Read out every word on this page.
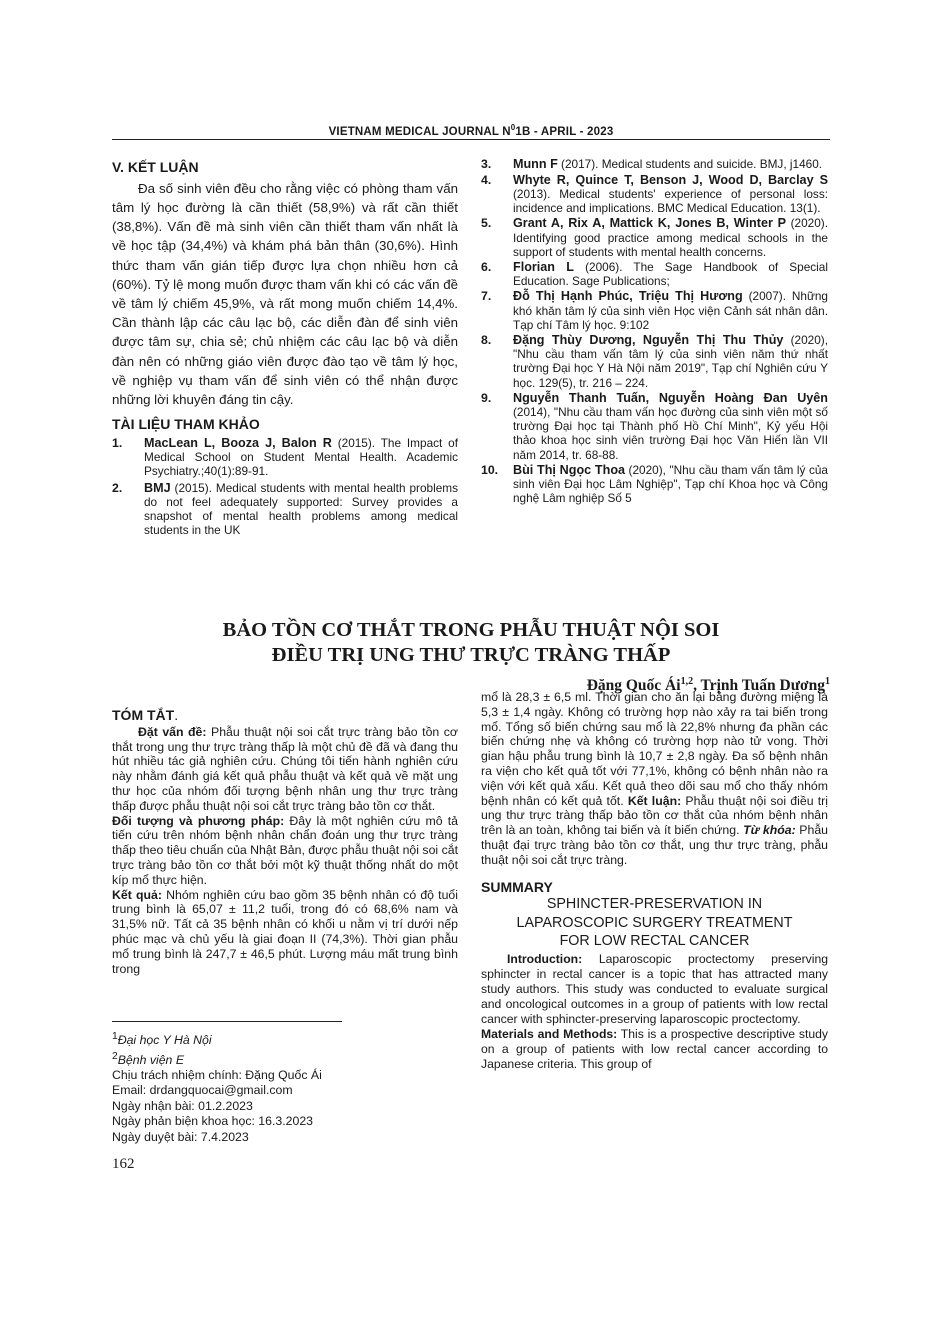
VIETNAM MEDICAL JOURNAL $N^01B$ - APRIL - 2023
V. KẾT LUẬN

Đa số sinh viên đều cho rằng việc có phòng tham vấn tâm lý học đường là cần thiết (58,9%) và rất cần thiết (38,8%). Vấn đề mà sinh viên cần thiết tham vấn nhất là về học tập (34,4%) và khám phá bản thân (30,6%). Hình thức tham vấn gián tiếp được lựa chọn nhiều hơn cả (60%). Tỷ lệ mong muốn được tham vấn khi có các vấn đề về tâm lý chiếm 45,9%, và rất mong muốn chiếm 14,4%. Cần thành lập các câu lạc bộ, các diễn đàn để sinh viên được tâm sự, chia sẻ; chủ nhiệm các câu lạc bộ và diễn đàn nên có những giáo viên được đào tạo về tâm lý học, về nghiệp vụ tham vấn để sinh viên có thể nhận được những lời khuyên đáng tin cậy.

TÀI LIỆU THAM KHẢO
1.	MacLean L, Booza J, Balon R (2015). The Impact of Medical School on Student Mental Health. Academic Psychiatry.;40(1):89-91.
2.	BMJ (2015). Medical students with mental health problems do not feel adequately supported: Survey provides a snapshot of mental health problems among medical students in the UK
3.	Munn F (2017). Medical students and suicide. BMJ, j1460.
4.	Whyte R, Quince T, Benson J, Wood D, Barclay S (2013). Medical students' experience of personal loss: incidence and implications. BMC Medical Education. 13(1).
5.	Grant A, Rix A, Mattick K, Jones B, Winter P (2020). Identifying good practice among medical schools in the support of students with mental health concerns.
6.	Florian L (2006). The Sage Handbook of Special Education. Sage Publications;
7.	Đỗ Thị Hạnh Phúc, Triệu Thị Hương (2007). Những khó khăn tâm lý của sinh viên Học viện Cảnh sát nhân dân. Tạp chí Tâm lý học. 9:102
8.	Đặng Thùy Dương, Nguyễn Thị Thu Thủy (2020), "Nhu cầu tham vấn tâm lý của sinh viên năm thứ nhất trường Đại học Y Hà Nội năm 2019", Tạp chí Nghiên cứu Y học. 129(5), tr. 216 – 224.
9.	Nguyễn Thanh Tuấn, Nguyễn Hoàng Đan Uyên (2014), "Nhu cầu tham vấn học đường của sinh viên một số trường Đại học tại Thành phố Hồ Chí Minh", Kỷ yếu Hội thảo khoa học sinh viên trường Đại học Văn Hiến lần VII năm 2014, tr. 68-88.
10.	Bùi Thị Ngọc Thoa (2020), "Nhu cầu tham vấn tâm lý của sinh viên Đại học Lâm Nghiệp", Tạp chí Khoa học và Công nghệ Lâm nghiệp Số 5
BẢO TỒN CƠ THẮT TRONG PHẪU THUẬT NỘI SOI
ĐIỀU TRỊ UNG THƯ TRỰC TRÀNG THẤP
Đặng Quốc Ái$^{1,2}$, Trịnh Tuấn Dương$^1$
TÓM TẮT.

Đặt vấn đề: Phẫu thuật nội soi cắt trực tràng bảo tồn cơ thắt trong ung thư trực tràng thấp là một chủ đề đã và đang thu hút nhiều tác giả nghiên cứu. Chúng tôi tiến hành nghiên cứu này nhằm đánh giá kết quả phẫu thuật và kết quả về mặt ung thư học của nhóm đối tượng bệnh nhân ung thư trực tràng thấp được phẫu thuật nội soi cắt trực tràng bảo tồn cơ thắt.

Đối tượng và phương pháp: Đây là một nghiên cứu mô tả tiến cứu trên nhóm bệnh nhân chẩn đoán ung thư trực tràng thấp theo tiêu chuẩn của Nhật Bản, được phẫu thuật nội soi cắt trực tràng bảo tồn cơ thắt bởi một kỹ thuật thống nhất do một kíp mổ thực hiện.

Kết quả: Nhóm nghiên cứu bao gồm 35 bệnh nhân có độ tuổi trung bình là 65,07 ± 11,2 tuổi, trong đó có 68,6% nam và 31,5% nữ. Tất cả 35 bệnh nhân có khối u nằm vị trí dưới nếp phúc mạc và chủ yếu là giai đoạn II (74,3%). Thời gian phẫu mổ trung bình là 247,7 ± 46,5 phút. Lượng máu mất trung bình trong

mổ là 28,3 ± 6,5 ml. Thời gian cho ăn lại bằng đường miệng là 5,3 ± 1,4 ngày. Không có trường hợp nào xảy ra tai biến trong mổ. Tổng số biến chứng sau mổ là 22,8% nhưng đa phần các biến chứng nhẹ và không có trường hợp nào tử vong. Thời gian hậu phẫu trung bình là 10,7 ± 2,8 ngày. Đa số bệnh nhân ra viện cho kết quả tốt với 77,1%, không có bệnh nhân nào ra viện với kết quả xấu. Kết quả theo dõi sau mổ cho thấy nhóm bệnh nhân có kết quả tốt. Kết luận: Phẫu thuật nội soi điều trị ung thư trực tràng thấp bảo tồn cơ thắt của nhóm bệnh nhân trên là an toàn, không tai biến và ít biến chứng. Từ khóa: Phẫu thuật đại trực tràng bảo tồn cơ thắt, ung thư trực tràng, phẫu thuật nội soi cắt trực tràng.

SUMMARY
SPHINCTER-PRESERVATION IN
LAPAROSCOPIC SURGERY TREATMENT
FOR LOW RECTAL CANCER

Introduction: Laparoscopic proctectomy preserving sphincter in rectal cancer is a topic that has attracted many study authors. This study was conducted to evaluate surgical and oncological outcomes in a group of patients with low rectal cancer with sphincter-preserving laparoscopic proctectomy.

Materials and Methods: This is a prospective descriptive study on a group of patients with low rectal cancer according to Japanese criteria. This group of

$^1$Đại học Y Hà Nội
$^2$Bệnh viện E
Chịu trách nhiệm chính: Đặng Quốc Ái
Email: drdangquocai@gmail.com
Ngày nhận bài: 01.2.2023
Ngày phản biện khoa học: 16.3.2023
Ngày duyệt bài: 7.4.2023
162
